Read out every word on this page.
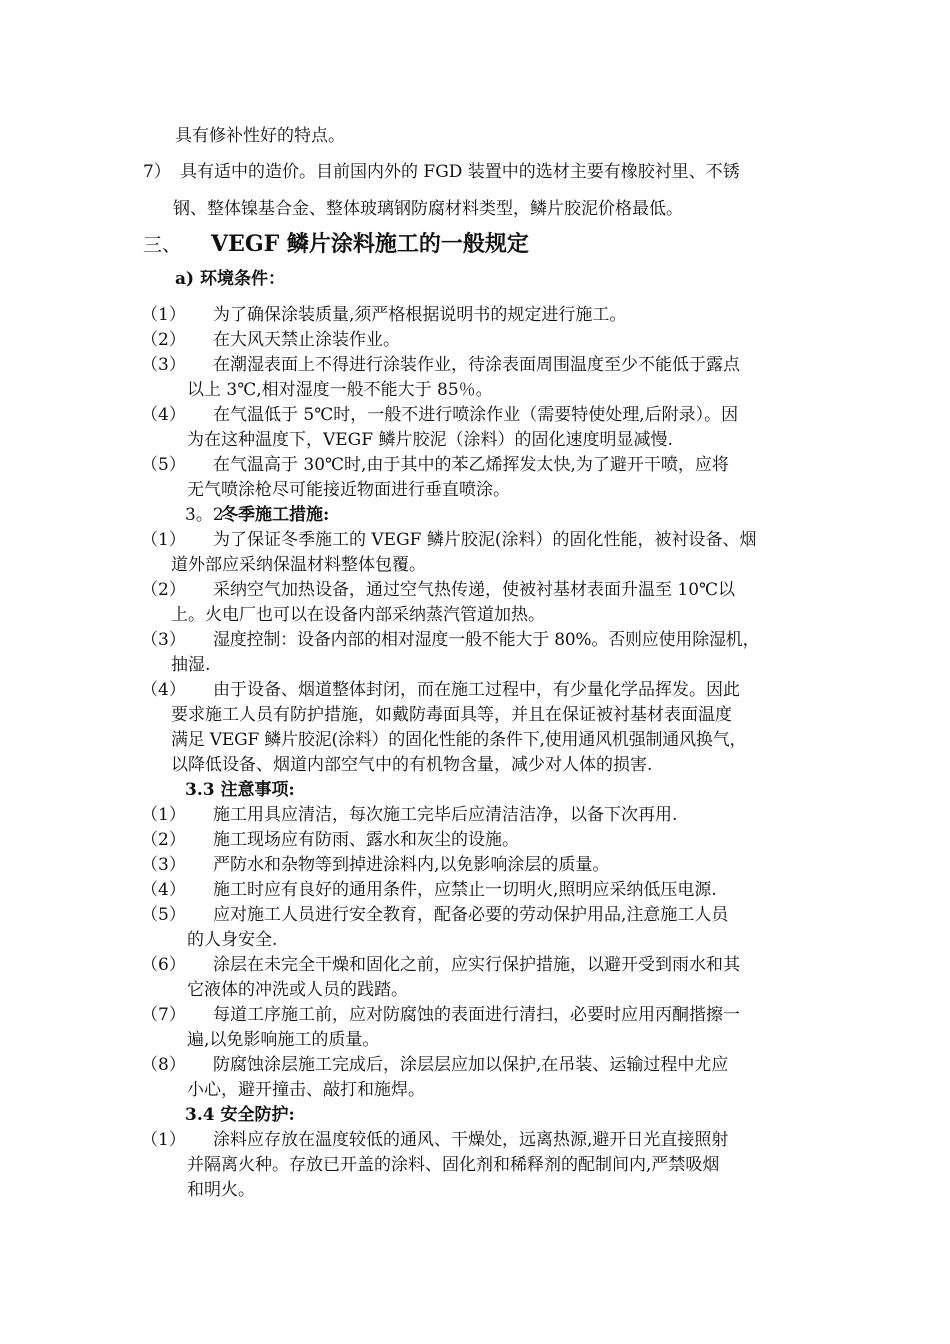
具有修补性好的特点。
7） 具有适中的造价。目前国内外的 FGD 装置中的选材主要有橡胶衬里、不锈
钢、整体镍基合金、整体玻璃钢防腐材料类型，鳞片胶泥价格最低。
三、 VEGF 鳞片涂料施工的一般规定
a) 环境条件：
（1） 为了确保涂装质量,须严格根据说明书的规定进行施工。
（2） 在大风天禁止涂装作业。
（3） 在潮湿表面上不得进行涂装作业，待涂表面周围温度至少不能低于露点
以上 3℃,相对湿度一般不能大于 85％。
（4） 在气温低于 5℃时，一般不进行喷涂作业（需要特使处理,后附录）。因
为在这种温度下，VEGF 鳞片胶泥（涂料）的固化速度明显减慢.
（5） 在气温高于 30℃时,由于其中的苯乙烯挥发太快,为了避开干喷，应将
无气喷涂枪尽可能接近物面进行垂直喷涂。
3。2
冬季施工措施:
（1） 为了保证冬季施工的 VEGF 鳞片胶泥(涂料）的固化性能，被衬设备、烟
道外部应采纳保温材料整体包覆。
（2） 采纳空气加热设备，通过空气热传递，使被衬基材表面升温至 10℃以
上。火电厂也可以在设备内部采纳蒸汽管道加热。
（3） 湿度控制：设备内部的相对湿度一般不能大于 80%。否则应使用除湿机，
抽湿.
（4） 由于设备、烟道整体封闭，而在施工过程中，有少量化学品挥发。因此
要求施工人员有防护措施，如戴防毒面具等，并且在保证被衬基材表面温度
满足 VEGF 鳞片胶泥(涂料）的固化性能的条件下,使用通风机强制通风换气，
以降低设备、烟道内部空气中的有机物含量，减少对人体的损害.
3.3 注意事项:
（1） 施工用具应清洁，每次施工完毕后应清洁洁净，以备下次再用.
（2） 施工现场应有防雨、露水和灰尘的设施。
（3） 严防水和杂物等到掉进涂料内,以免影响涂层的质量。
（4） 施工时应有良好的通用条件，应禁止一切明火,照明应采纳低压电源.
（5） 应对施工人员进行安全教育，配备必要的劳动保护用品,注意施工人员
的人身安全.
（6） 涂层在未完全干燥和固化之前，应实行保护措施，以避开受到雨水和其
它液体的冲洗或人员的践踏。
（7） 每道工序施工前，应对防腐蚀的表面进行清扫，必要时应用丙酮揩擦一
遍,以免影响施工的质量。
（8） 防腐蚀涂层施工完成后，涂层层应加以保护,在吊装、运输过程中尤应
小心，避开撞击、敲打和施焊。
3.4 安全防护:
（1） 涂料应存放在温度较低的通风、干燥处，远离热源,避开日光直接照射
并隔离火种。存放已开盖的涂料、固化剂和稀释剂的配制间内,严禁吸烟
和明火。
